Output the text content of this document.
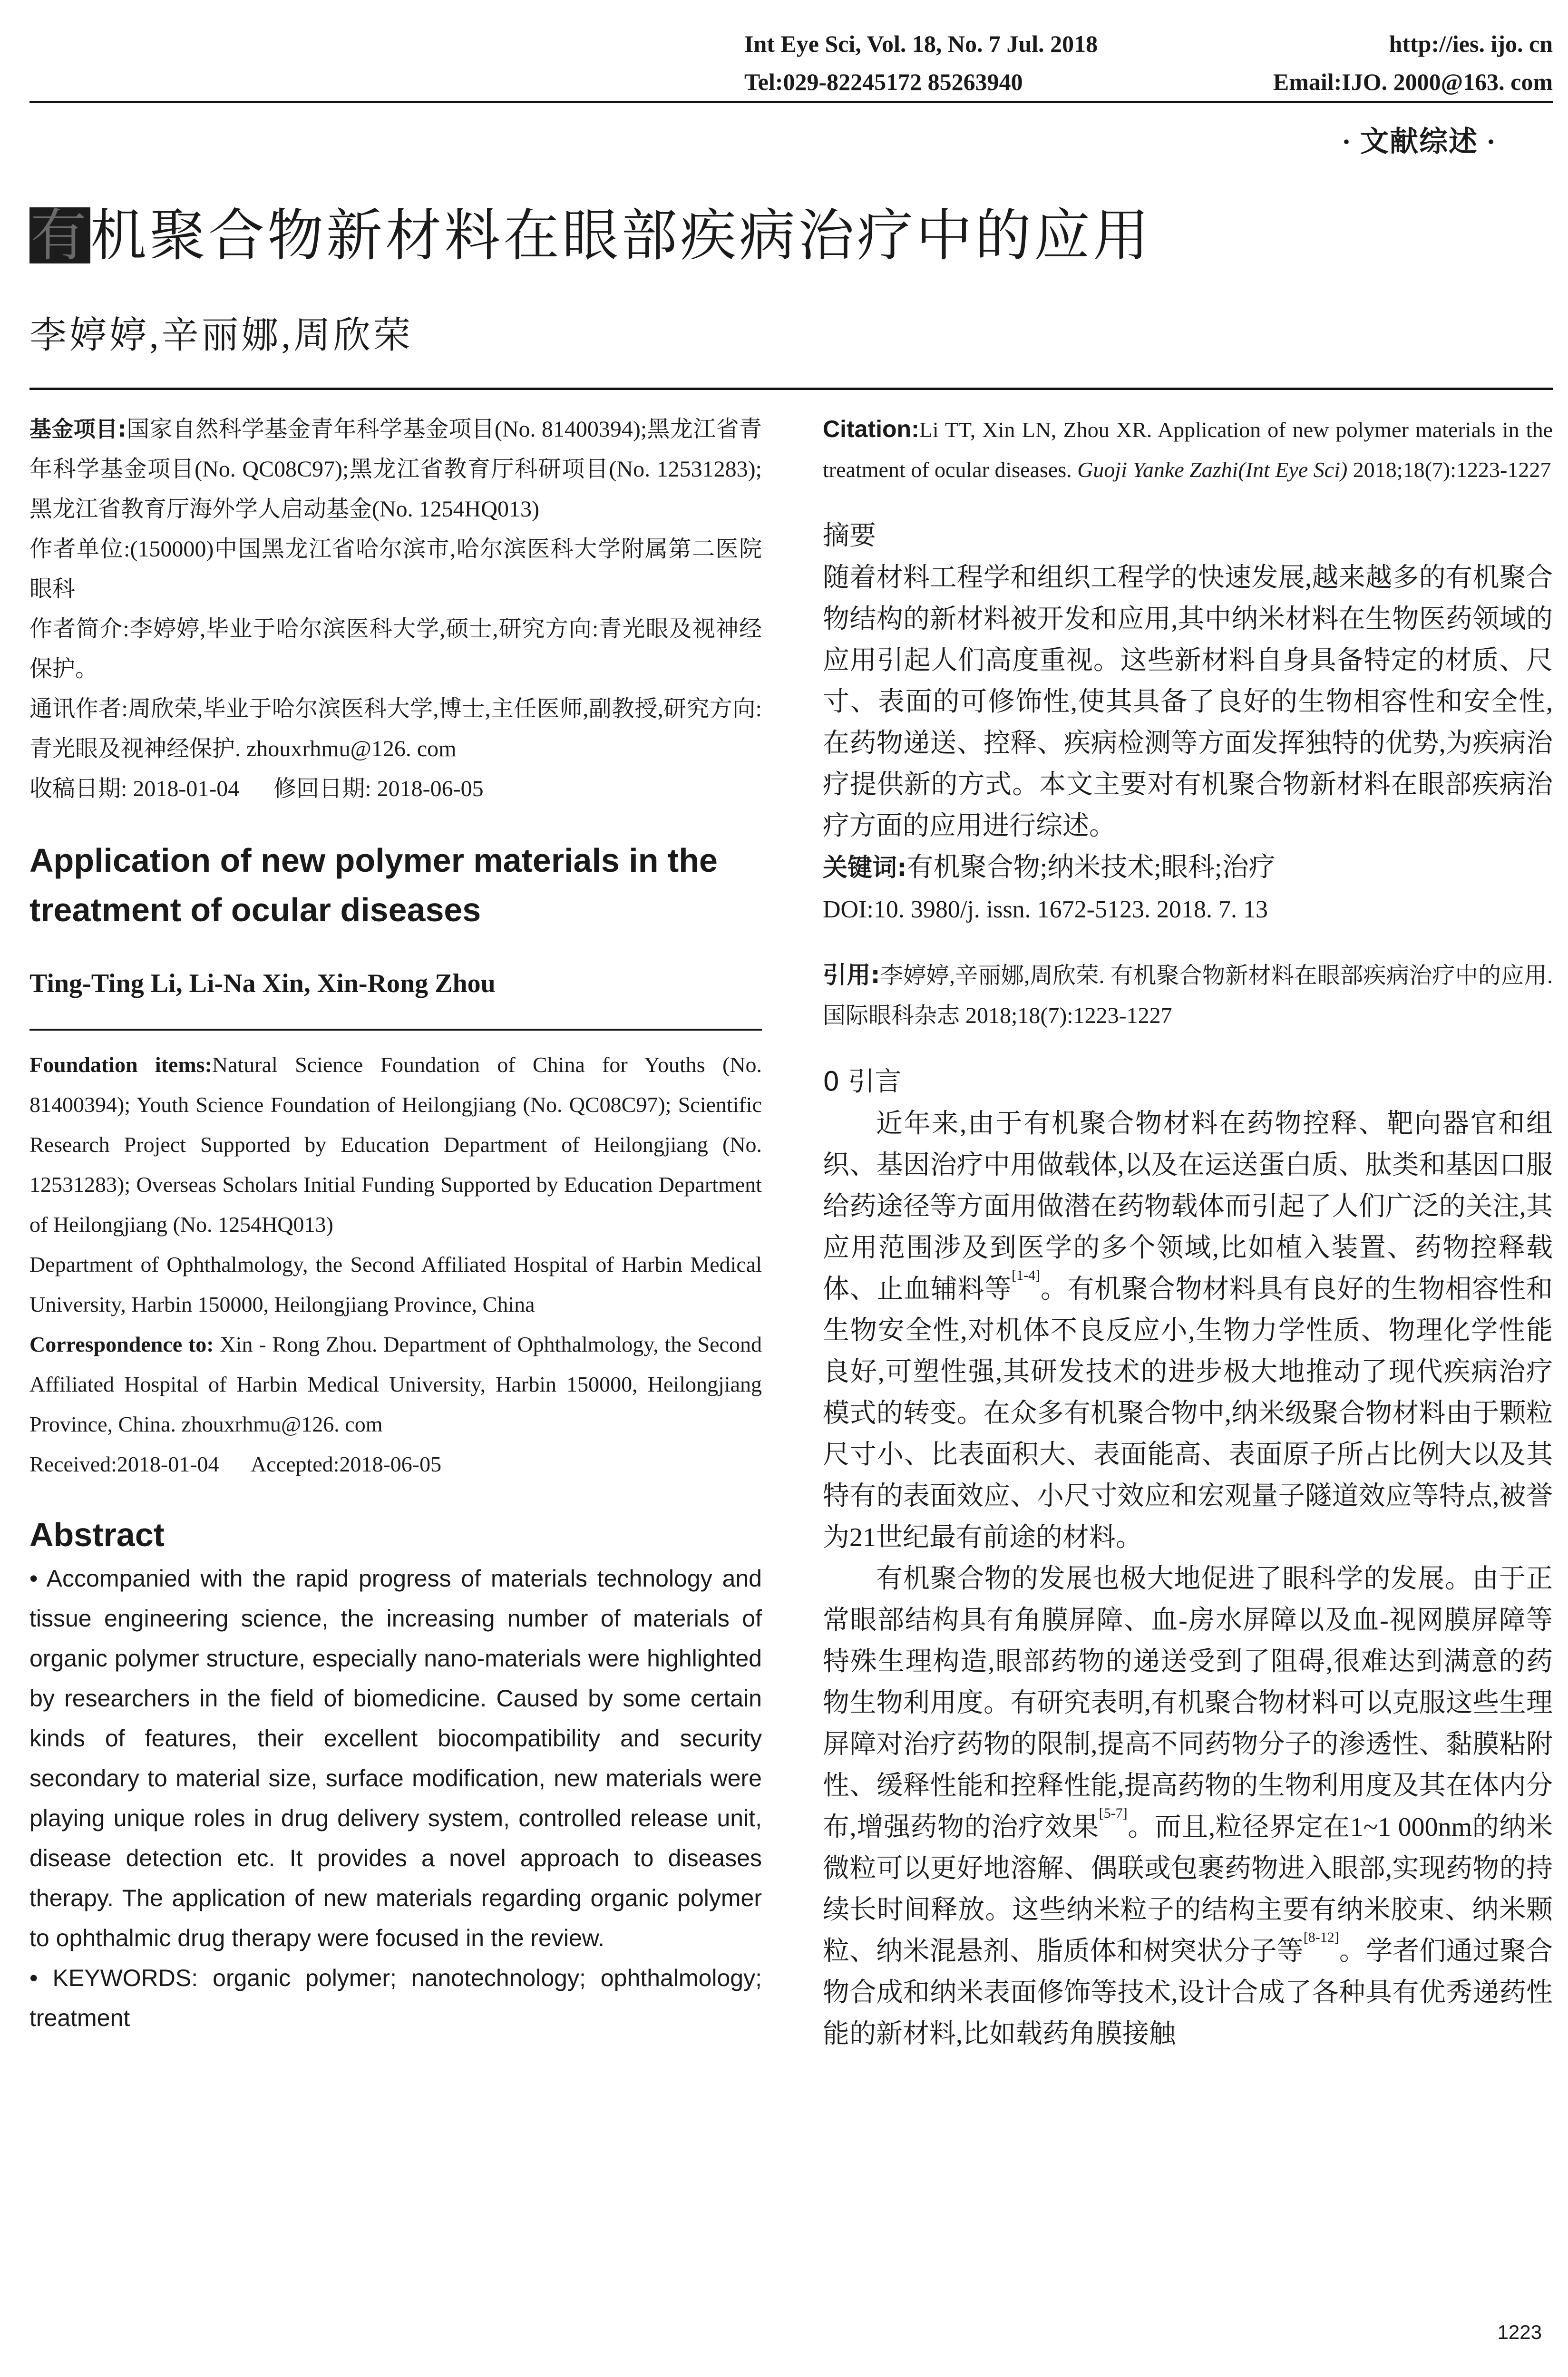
Int Eye Sci, Vol. 18, No. 7 Jul. 2018	http://ies. ijo. cn
Tel:029-82245172 85263940	Email:IJO. 2000@163. com
· 文献综述 ·
有机聚合物新材料在眼部疾病治疗中的应用
李婷婷,辛丽娜,周欣荣

基金项目:国家自然科学基金青年科学基金项目(No. 81400394);黑龙江省青年科学基金项目(No. QC08C97);黑龙江省教育厅科研项目(No. 12531283);黑龙江省教育厅海外学人启动基金(No. 1254HQ013)

作者单位:(150000)中国黑龙江省哈尔滨市,哈尔滨医科大学附属第二医院眼科

作者简介:李婷婷,毕业于哈尔滨医科大学,硕士,研究方向:青光眼及视神经保护。

通讯作者:周欣荣,毕业于哈尔滨医科大学,博士,主任医师,副教授,研究方向:青光眼及视神经保护. zhouxrhmu@126. com

收稿日期: 2018-01-04      修回日期: 2018-06-05

Application of new polymer materials in the treatment of ocular diseases
Ting-Ting Li, Li-Na Xin, Xin-Rong Zhou

Foundation items:Natural Science Foundation of China for Youths (No. 81400394); Youth Science Foundation of Heilongjiang (No. QC08C97); Scientific Research Project Supported by Education Department of Heilongjiang (No. 12531283); Overseas Scholars Initial Funding Supported by Education Department of Heilongjiang (No. 1254HQ013)

Department of Ophthalmology, the Second Affiliated Hospital of Harbin Medical University, Harbin 150000, Heilongjiang Province, China

Correspondence to: Xin - Rong Zhou. Department of Ophthalmology, the Second Affiliated Hospital of Harbin Medical University, Harbin 150000, Heilongjiang Province, China. zhouxrhmu@126. com

Received:2018-01-04      Accepted:2018-06-05

Abstract

• Accompanied with the rapid progress of materials technology and tissue engineering science, the increasing number of materials of organic polymer structure, especially nano-materials were highlighted by researchers in the field of biomedicine. Caused by some certain kinds of features, their excellent biocompatibility and security secondary to material size, surface modification, new materials were playing unique roles in drug delivery system, controlled release unit, disease detection etc. It provides a novel approach to diseases therapy. The application of new materials regarding organic polymer to ophthalmic drug therapy were focused in the review.

• KEYWORDS: organic polymer; nanotechnology; ophthalmology; treatment

Citation:Li TT, Xin LN, Zhou XR. Application of new polymer materials in the treatment of ocular diseases. Guoji Yanke Zazhi(Int Eye Sci) 2018;18(7):1223-1227
摘要

随着材料工程学和组织工程学的快速发展,越来越多的有机聚合物结构的新材料被开发和应用,其中纳米材料在生物医药领域的应用引起人们高度重视。这些新材料自身具备特定的材质、尺寸、表面的可修饰性,使其具备了良好的生物相容性和安全性,在药物递送、控释、疾病检测等方面发挥独特的优势,为疾病治疗提供新的方式。本文主要对有机聚合物新材料在眼部疾病治疗方面的应用进行综述。

关键词:有机聚合物;纳米技术;眼科;治疗

DOI:10. 3980/j. issn. 1672-5123. 2018. 7. 13

引用:李婷婷,辛丽娜,周欣荣. 有机聚合物新材料在眼部疾病治疗中的应用. 国际眼科杂志 2018;18(7):1223-1227
0 引言

近年来,由于有机聚合物材料在药物控释、靶向器官和组织、基因治疗中用做载体,以及在运送蛋白质、肽类和基因口服给药途径等方面用做潜在药物载体而引起了人们广泛的关注,其应用范围涉及到医学的多个领域,比如植入装置、药物控释载体、止血辅料等[1-4]。有机聚合物材料具有良好的生物相容性和生物安全性,对机体不良反应小,生物力学性质、物理化学性能良好,可塑性强,其研发技术的进步极大地推动了现代疾病治疗模式的转变。在众多有机聚合物中,纳米级聚合物材料由于颗粒尺寸小、比表面积大、表面能高、表面原子所占比例大以及其特有的表面效应、小尺寸效应和宏观量子隧道效应等特点,被誉为21世纪最有前途的材料。

有机聚合物的发展也极大地促进了眼科学的发展。由于正常眼部结构具有角膜屏障、血-房水屏障以及血-视网膜屏障等特殊生理构造,眼部药物的递送受到了阻碍,很难达到满意的药物生物利用度。有研究表明,有机聚合物材料可以克服这些生理屏障对治疗药物的限制,提高不同药物分子的渗透性、黏膜粘附性、缓释性能和控释性能,提高药物的生物利用度及其在体内分布,增强药物的治疗效果[5-7]。而且,粒径界定在1~1 000nm的纳米微粒可以更好地溶解、偶联或包裹药物进入眼部,实现药物的持续长时间释放。这些纳米粒子的结构主要有纳米胶束、纳米颗粒、纳米混悬剂、脂质体和树突状分子等[8-12]。学者们通过聚合物合成和纳米表面修饰等技术,设计合成了各种具有优秀递药性能的新材料,比如载药角膜接触

1223
